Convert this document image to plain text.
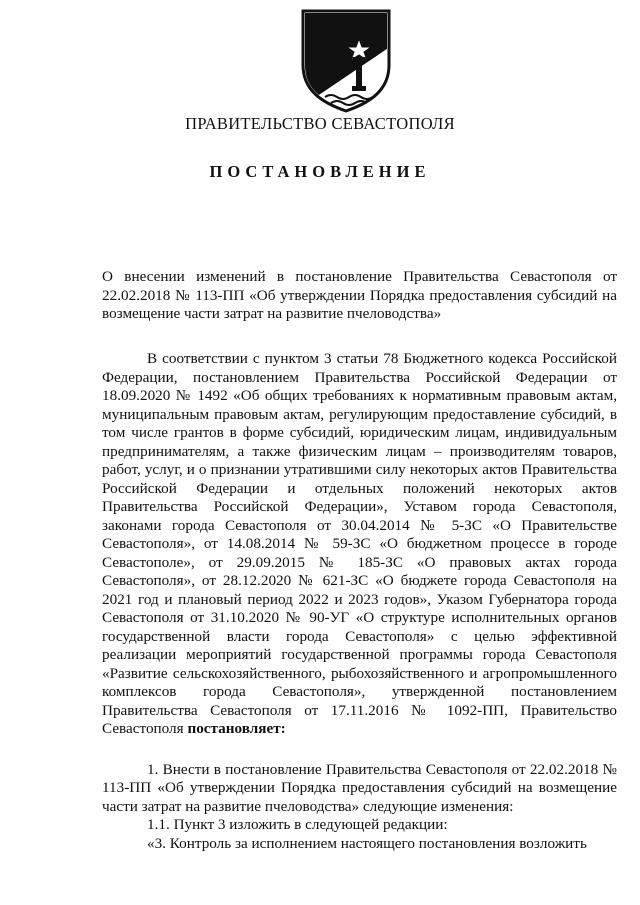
ПРАВИТЕЛЬСТВО СЕВАСТОПОЛЯ
ПОСТАНОВЛЕНИЕ
О внесении изменений в постановление Правительства Севастополя от 22.02.2018 № 113-ПП «Об утверждении Порядка предоставления субсидий на возмещение части затрат на развитие пчеловодства»

В соответствии с пунктом 3 статьи 78 Бюджетного кодекса Российской Федерации, постановлением Правительства Российской Федерации от 18.09.2020 № 1492 «Об общих требованиях к нормативным правовым актам, муниципальным правовым актам, регулирующим предоставление субсидий, в том числе грантов в форме субсидий, юридическим лицам, индивидуальным предпринимателям, а также физическим лицам – производителям товаров, работ, услуг, и о признании утратившими силу некоторых актов Правительства Российской Федерации и отдельных положений некоторых актов Правительства Российской Федерации», Уставом города Севастополя, законами города Севастополя от 30.04.2014 № 5-ЗС «О Правительстве Севастополя», от 14.08.2014 № 59-ЗС «О бюджетном процессе в городе Севастополе», от 29.09.2015 № 185-ЗС «О правовых актах города Севастополя», от 28.12.2020 № 621-ЗС «О бюджете города Севастополя на 2021 год и плановый период 2022 и 2023 годов», Указом Губернатора города Севастополя от 31.10.2020 № 90-УГ «О структуре исполнительных органов государственной власти города Севастополя» с целью эффективной реализации мероприятий государственной программы города Севастополя «Развитие сельскохозяйственного, рыбохозяйственного и агропромышленного комплексов города Севастополя», утвержденной постановлением Правительства Севастополя от 17.11.2016 № 1092-ПП, Правительство Севастополя постановляет:

1. Внести в постановление Правительства Севастополя от 22.02.2018 № 113-ПП «Об утверждении Порядка предоставления субсидий на возмещение части затрат на развитие пчеловодства» следующие изменения:

1.1. Пункт 3 изложить в следующей редакции:

«3. Контроль за исполнением настоящего постановления возложить
